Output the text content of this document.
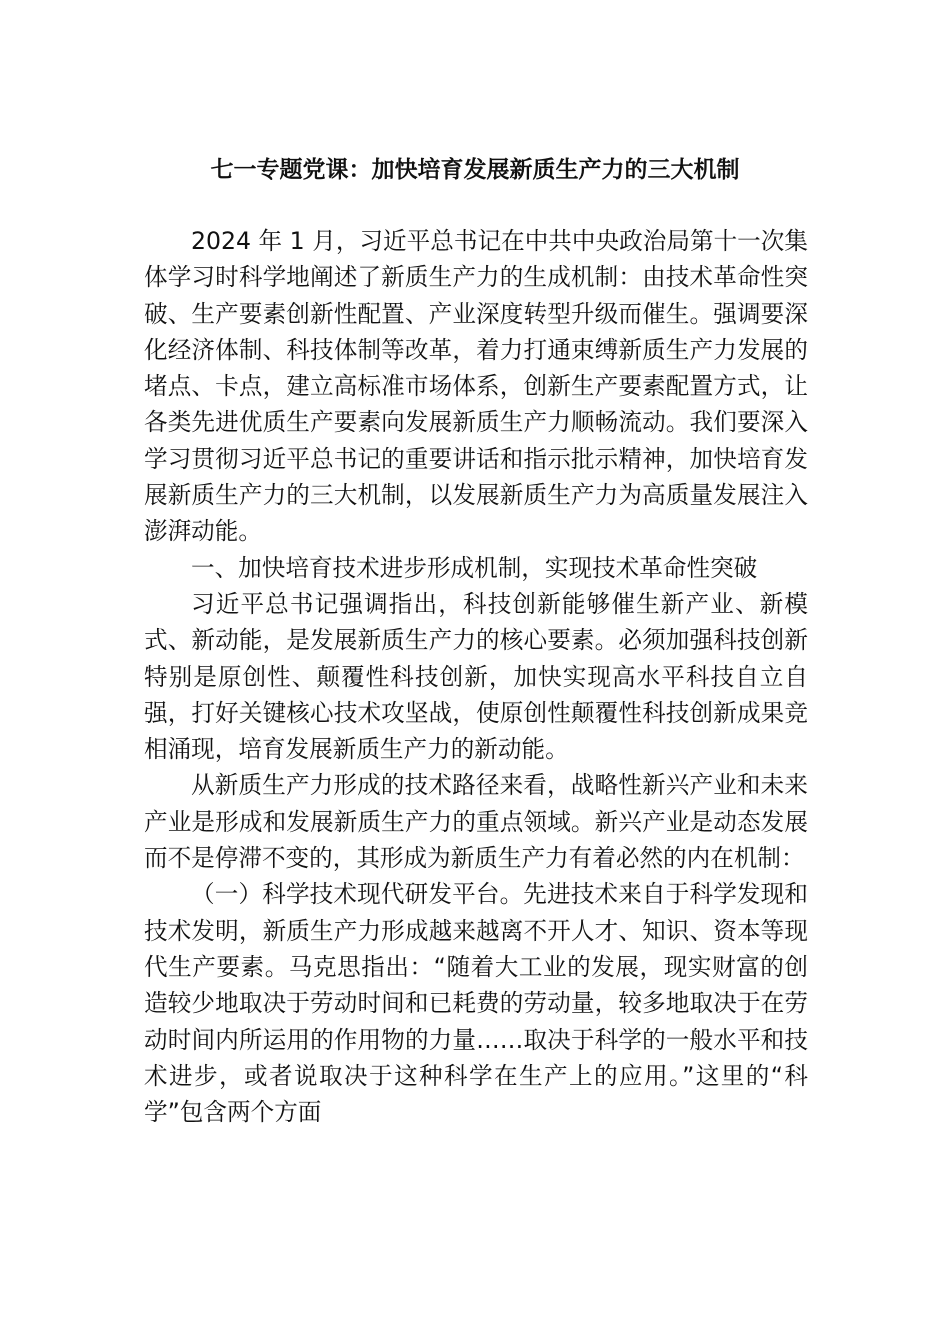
七一专题党课：加快培育发展新质生产力的三大机制

2024 年 1 月，习近平总书记在中共中央政治局第十一次集体学习时科学地阐述了新质生产力的生成机制：由技术革命性突破、生产要素创新性配置、产业深度转型升级而催生。强调要深化经济体制、科技体制等改革，着力打通束缚新质生产力发展的堵点、卡点，建立高标准市场体系，创新生产要素配置方式，让各类先进优质生产要素向发展新质生产力顺畅流动。我们要深入学习贯彻习近平总书记的重要讲话和指示批示精神，加快培育发展新质生产力的三大机制，以发展新质生产力为高质量发展注入澎湃动能。

一、加快培育技术进步形成机制，实现技术革命性突破

习近平总书记强调指出，科技创新能够催生新产业、新模式、新动能，是发展新质生产力的核心要素。必须加强科技创新特别是原创性、颠覆性科技创新，加快实现高水平科技自立自强，打好关键核心技术攻坚战，使原创性颠覆性科技创新成果竞相涌现，培育发展新质生产力的新动能。

从新质生产力形成的技术路径来看，战略性新兴产业和未来产业是形成和发展新质生产力的重点领域。新兴产业是动态发展而不是停滞不变的，其形成为新质生产力有着必然的内在机制：

（一）科学技术现代研发平台。先进技术来自于科学发现和技术发明，新质生产力形成越来越离不开人才、知识、资本等现代生产要素。马克思指出：“随着大工业的发展，现实财富的创造较少地取决于劳动时间和已耗费的劳动量，较多地取决于在劳动时间内所运用的作用物的力量……取决于科学的一般水平和技术进步，或者说取决于这种科学在生产上的应用。”这里的“科学”包含两个方面
